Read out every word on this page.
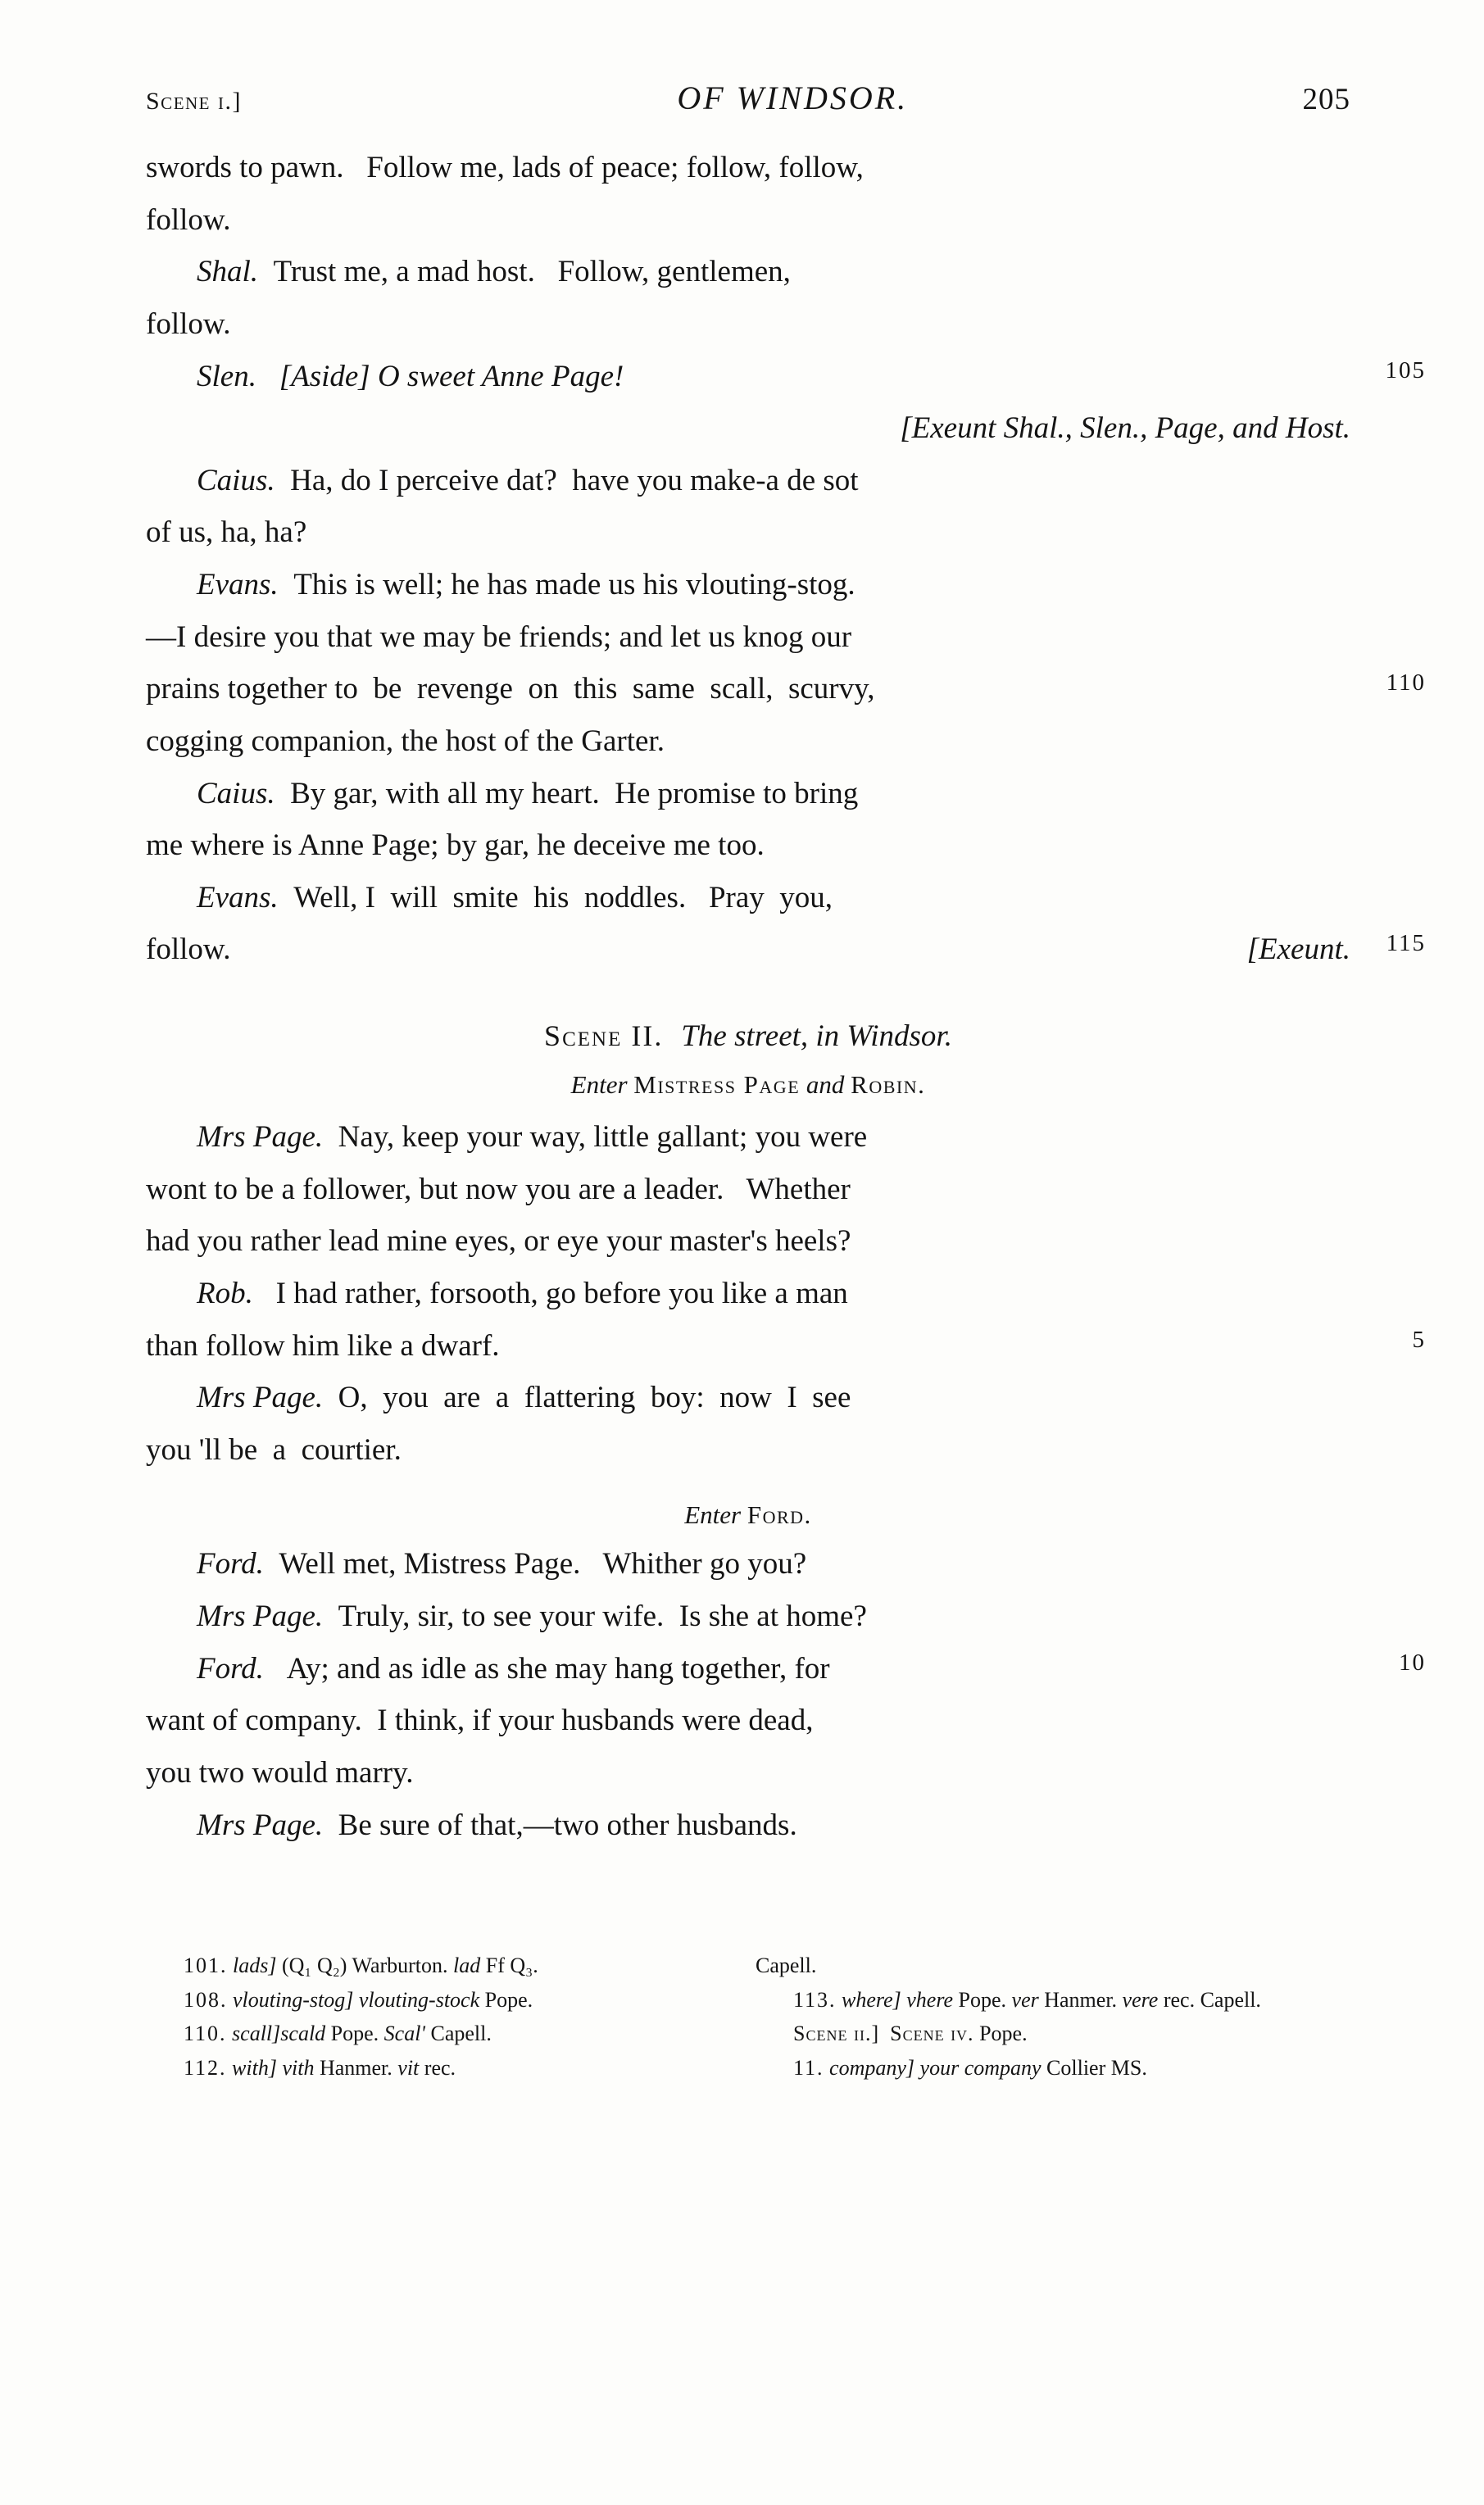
Scene i.]	OF WINDSOR.	205
swords to pawn.   Follow me, lads of peace; follow, follow,
follow.
Shal. Trust me, a mad host.   Follow, gentlemen,
follow.
Slen. [Aside] O sweet Anne Page!	105
[Exeunt Shal., Slen., Page, and Host.
Caius. Ha, do I perceive dat?  have you make-a de sot
of us, ha, ha?
Evans. This is well; he has made us his vlouting-stog.
—I desire you that we may be friends; and let us knog our
prains together to  be  revenge  on  this  same  scall,  scurvy,	110
cogging companion, the host of the Garter.
Caius. By gar, with all my heart.  He promise to bring
me where is Anne Page; by gar, he deceive me too.
Evans. Well, I  will  smite  his  noddles.   Pray  you,
follow.	[Exeunt. 115
Scene II. The street, in Windsor.
Enter Mistress Page and Robin.
Mrs Page. Nay, keep your way, little gallant; you were
wont to be a follower, but now you are a leader.   Whether
had you rather lead mine eyes, or eye your master's heels?
Rob. I had rather, forsooth, go before you like a man
than follow him like a dwarf.	5
Mrs Page. O,  you  are  a  flattering  boy:  now  I  see
you 'll be  a  courtier.
Enter Ford.
Ford. Well met, Mistress Page.   Whither go you?
Mrs Page. Truly, sir, to see your wife.  Is she at home?
Ford. Ay; and as idle as she may hang together, for	10
want of company.  I think, if your husbands were dead,
you two would marry.
Mrs Page. Be sure of that,—two other husbands.
101. lads] (Q₁ Q₂) Warburton. lad Ff Q₃.
108. vlouting-stog] vlouting-stock Pope.
110. scall]scald Pope. Scal' Capell.
112. with] vith Hanmer. vit rec.
Capell.
113. where] vhere Pope. ver Hanmer. vere rec. Capell.
Scene ii.] Scene iv. Pope.
11. company] your company Collier MS.
